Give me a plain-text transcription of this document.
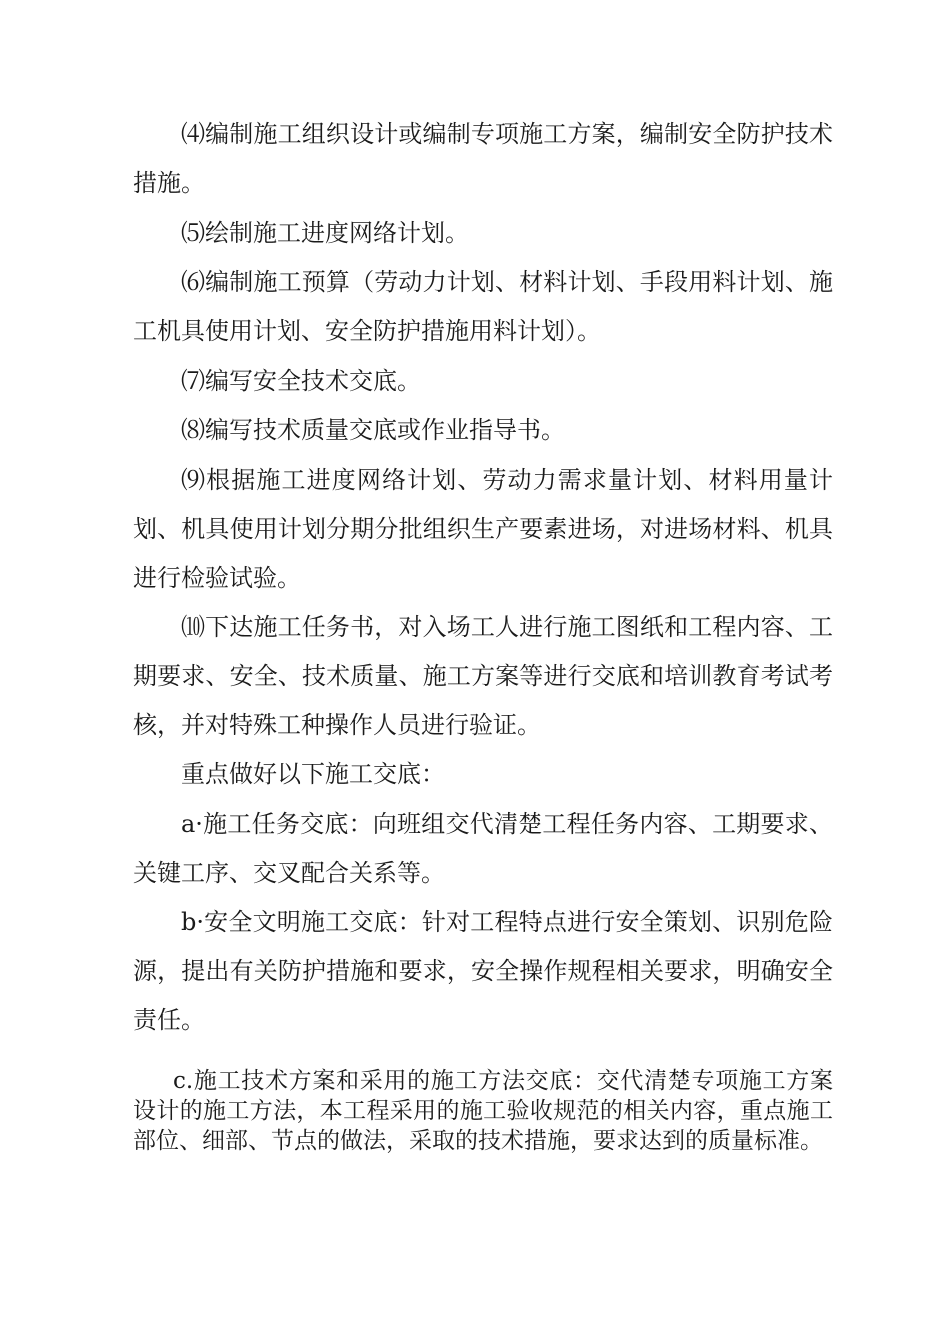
⑷编制施工组织设计或编制专项施工方案，编制安全防护技术措施。

⑸绘制施工进度网络计划。

⑹编制施工预算（劳动力计划、材料计划、手段用料计划、施工机具使用计划、安全防护措施用料计划）。

⑺编写安全技术交底。

⑻编写技术质量交底或作业指导书。

⑼根据施工进度网络计划、劳动力需求量计划、材料用量计划、机具使用计划分期分批组织生产要素进场，对进场材料、机具进行检验试验。

⑽下达施工任务书，对入场工人进行施工图纸和工程内容、工期要求、安全、技术质量、施工方案等进行交底和培训教育考试考核，并对特殊工种操作人员进行验证。

重点做好以下施工交底：

a·施工任务交底：向班组交代清楚工程任务内容、工期要求、关键工序、交叉配合关系等。

b·安全文明施工交底：针对工程特点进行安全策划、识别危险源，提出有关防护措施和要求，安全操作规程相关要求，明确安全责任。

c.施工技术方案和采用的施工方法交底：交代清楚专项施工方案设计的施工方法，本工程采用的施工验收规范的相关内容，重点施工部位、细部、节点的做法，采取的技术措施，要求达到的质量标准。
